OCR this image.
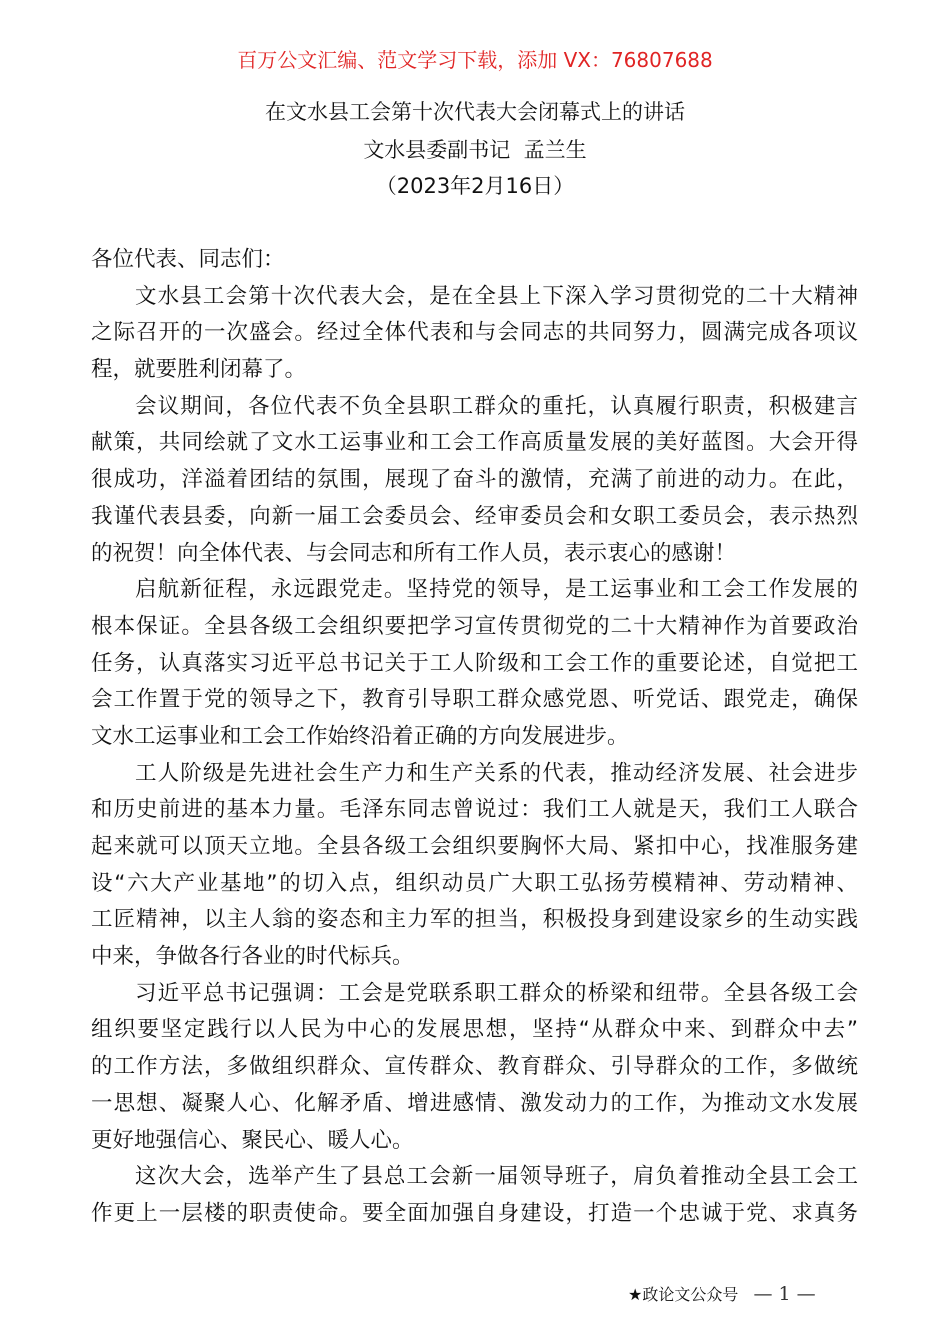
百万公文汇编、范文学习下载，添加 VX：76807688
在文水县工会第十次代表大会闭幕式上的讲话
文水县委副书记  孟兰生
（2023年2月16日）
各位代表、同志们：
文水县工会第十次代表大会，是在全县上下深入学习贯彻党的二十大精神
之际召开的一次盛会。经过全体代表和与会同志的共同努力，圆满完成各项议
程，就要胜利闭幕了。
会议期间，各位代表不负全县职工群众的重托，认真履行职责，积极建言
献策，共同绘就了文水工运事业和工会工作高质量发展的美好蓝图。大会开得
很成功，洋溢着团结的氛围，展现了奋斗的激情，充满了前进的动力。在此，
我谨代表县委，向新一届工会委员会、经审委员会和女职工委员会，表示热烈
的祝贺！向全体代表、与会同志和所有工作人员，表示衷心的感谢！
启航新征程，永远跟党走。坚持党的领导，是工运事业和工会工作发展的
根本保证。全县各级工会组织要把学习宣传贯彻党的二十大精神作为首要政治
任务，认真落实习近平总书记关于工人阶级和工会工作的重要论述，自觉把工
会工作置于党的领导之下，教育引导职工群众感党恩、听党话、跟党走，确保
文水工运事业和工会工作始终沿着正确的方向发展进步。
工人阶级是先进社会生产力和生产关系的代表，推动经济发展、社会进步
和历史前进的基本力量。毛泽东同志曾说过：我们工人就是天，我们工人联合
起来就可以顶天立地。全县各级工会组织要胸怀大局、紧扣中心，找准服务建
设“六大产业基地”的切入点，组织动员广大职工弘扬劳模精神、劳动精神、
工匠精神，以主人翁的姿态和主力军的担当，积极投身到建设家乡的生动实践
中来，争做各行各业的时代标兵。
习近平总书记强调：工会是党联系职工群众的桥梁和纽带。全县各级工会
组织要坚定践行以人民为中心的发展思想，坚持“从群众中来、到群众中去”
的工作方法，多做组织群众、宣传群众、教育群众、引导群众的工作，多做统
一思想、凝聚人心、化解矛盾、增进感情、激发动力的工作，为推动文水发展
更好地强信心、聚民心、暖人心。
这次大会，选举产生了县总工会新一届领导班子，肩负着推动全县工会工
作更上一层楼的职责使命。要全面加强自身建设，打造一个忠诚于党、求真务
★政论文公众号 — 1 —
